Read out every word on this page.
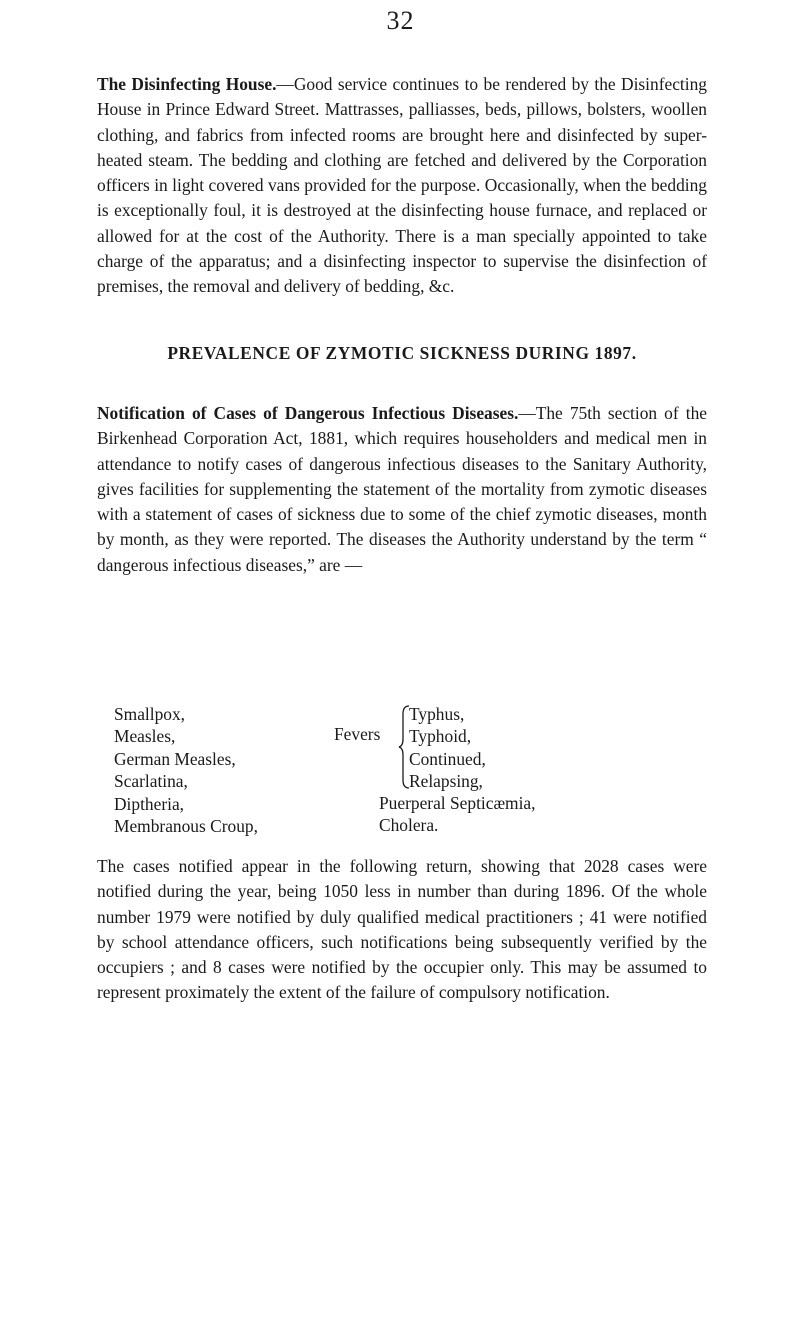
32

The Disinfecting House.—Good service continues to be rendered by the Disinfecting House in Prince Edward Street. Mattrasses, palliasses, beds, pillows, bolsters, woollen clothing, and fabrics from infected rooms are brought here and disinfected by super-heated steam. The bedding and clothing are fetched and delivered by the Corporation officers in light covered vans provided for the purpose. Occasionally, when the bedding is exceptionally foul, it is destroyed at the disinfecting house furnace, and replaced or allowed for at the cost of the Authority. There is a man specially appointed to take charge of the apparatus; and a disinfecting inspector to supervise the disinfection of premises, the removal and delivery of bedding, &c.

PREVALENCE OF ZYMOTIC SICKNESS DURING 1897.

Notification of Cases of Dangerous Infectious Diseases.—The 75th section of the Birkenhead Corporation Act, 1881, which requires householders and medical men in attendance to notify cases of dangerous infectious diseases to the Sanitary Authority, gives facilities for supplementing the statement of the mortality from zymotic diseases with a statement of cases of sickness due to some of the chief zymotic diseases, month by month, as they were reported. The diseases the Authority understand by the term “ dangerous infectious diseases,” are —

Smallpox,
Measles,
German Measles,
Scarlatina,
Diptheria,
Membranous Croup,
Fevers
Typhus,
Typhoid,
Continued,
Relapsing,
Puerperal Septicæmia,
Cholera.

The cases notified appear in the following return, showing that 2028 cases were notified during the year, being 1050 less in number than during 1896. Of the whole number 1979 were notified by duly qualified medical practitioners ; 41 were notified by school attendance officers, such notifications being subsequently verified by the occupiers ; and 8 cases were notified by the occupier only. This may be assumed to represent proximately the extent of the failure of compulsory notification.
